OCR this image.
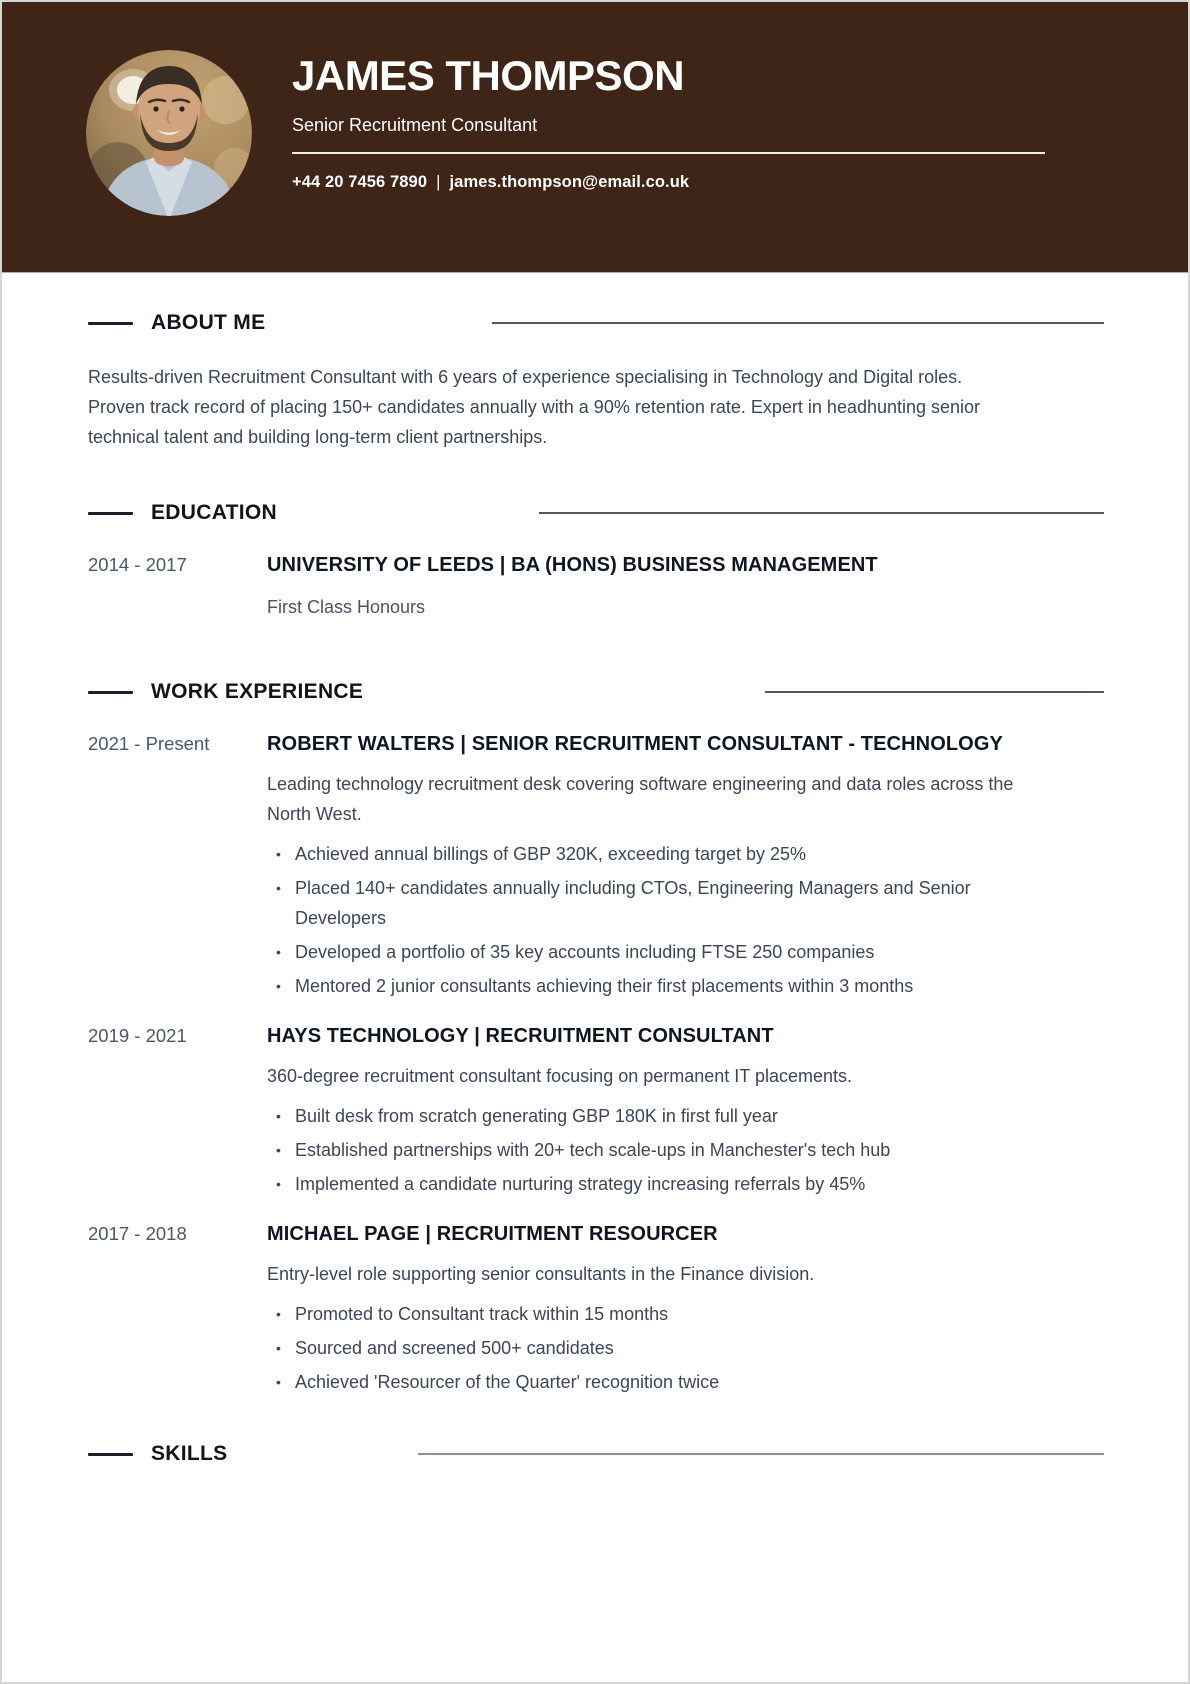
JAMES THOMPSON
Senior Recruitment Consultant
+44 20 7456 7890 | james.thompson@email.co.uk
ABOUT ME

Results-driven Recruitment Consultant with 6 years of experience specialising in Technology and Digital roles. Proven track record of placing 150+ candidates annually with a 90% retention rate. Expert in headhunting senior technical talent and building long-term client partnerships.

EDUCATION
2014 - 2017	UNIVERSITY OF LEEDS | BA (HONS) BUSINESS MANAGEMENT

First Class Honours

WORK EXPERIENCE
2021 - Present	ROBERT WALTERS | SENIOR RECRUITMENT CONSULTANT - TECHNOLOGY

Leading technology recruitment desk covering software engineering and data roles across the North West.

• Achieved annual billings of GBP 320K, exceeding target by 25%
• Placed 140+ candidates annually including CTOs, Engineering Managers and Senior Developers
• Developed a portfolio of 35 key accounts including FTSE 250 companies
• Mentored 2 junior consultants achieving their first placements within 3 months
2019 - 2021	HAYS TECHNOLOGY | RECRUITMENT CONSULTANT

360-degree recruitment consultant focusing on permanent IT placements.

• Built desk from scratch generating GBP 180K in first full year
• Established partnerships with 20+ tech scale-ups in Manchester's tech hub
• Implemented a candidate nurturing strategy increasing referrals by 45%
2017 - 2018	MICHAEL PAGE | RECRUITMENT RESOURCER

Entry-level role supporting senior consultants in the Finance division.

• Promoted to Consultant track within 15 months
• Sourced and screened 500+ candidates
• Achieved 'Resourcer of the Quarter' recognition twice
SKILLS
